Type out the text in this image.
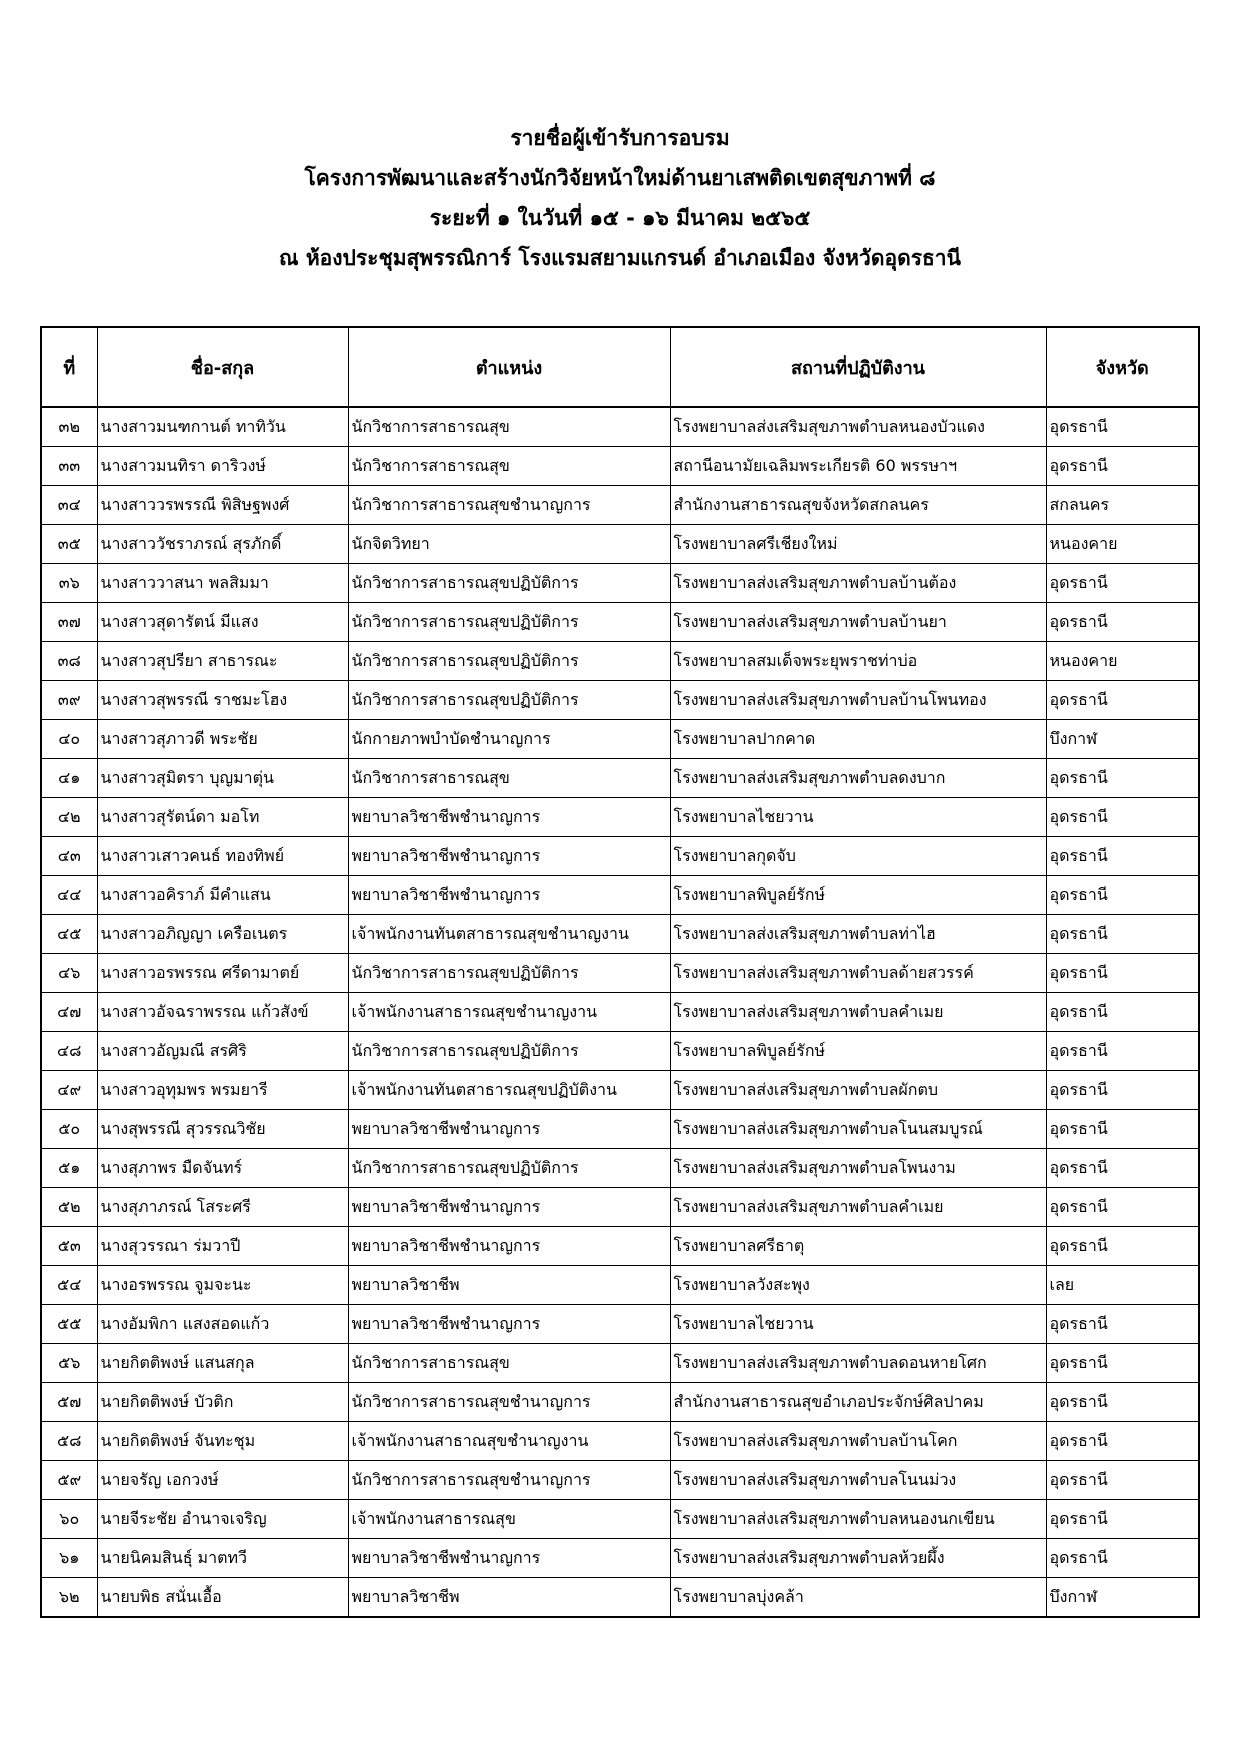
รายชื่อผู้เข้ารับการอบรม
โครงการพัฒนาและสร้างนักวิจัยหน้าใหม่ด้านยาเสพติดเขตสุขภาพที่ ๘
ระยะที่ ๑ ในวันที่ ๑๕ - ๑๖ มีนาคม ๒๕๖๕
ณ ห้องประชุมสุพรรณิการ์ โรงแรมสยามแกรนด์ อำเภอเมือง จังหวัดอุดรธานี
ที่	ชื่อ-สกุล	ตำแหน่ง	สถานที่ปฏิบัติงาน	จังหวัด
๓๒	นางสาวมนฑกานต์ ทาทิวัน	นักวิชาการสาธารณสุข	โรงพยาบาลส่งเสริมสุขภาพตำบลหนองบัวแดง	อุดรธานี
๓๓	นางสาวมนทิรา ดาริวงษ์	นักวิชาการสาธารณสุข	สถานีอนามัยเฉลิมพระเกียรติ 60 พรรษาฯ	อุดรธานี
๓๔	นางสาววรพรรณี พิสิษฐพงศ์	นักวิชาการสาธารณสุขชำนาญการ	สำนักงานสาธารณสุขจังหวัดสกลนคร	สกลนคร
๓๕	นางสาววัชราภรณ์ สุรภักดิ์	นักจิตวิทยา	โรงพยาบาลศรีเชียงใหม่	หนองคาย
๓๖	นางสาววาสนา พลสิมมา	นักวิชาการสาธารณสุขปฏิบัติการ	โรงพยาบาลส่งเสริมสุขภาพตำบลบ้านต้อง	อุดรธานี
๓๗	นางสาวสุดารัตน์ มีแสง	นักวิชาการสาธารณสุขปฏิบัติการ	โรงพยาบาลส่งเสริมสุขภาพตำบลบ้านยา	อุดรธานี
๓๘	นางสาวสุปรียา สาธารณะ	นักวิชาการสาธารณสุขปฏิบัติการ	โรงพยาบาลสมเด็จพระยุพราชท่าบ่อ	หนองคาย
๓๙	นางสาวสุพรรณี ราชมะโฮง	นักวิชาการสาธารณสุขปฏิบัติการ	โรงพยาบาลส่งเสริมสุขภาพตำบลบ้านโพนทอง	อุดรธานี
๔๐	นางสาวสุภาวดี พระชัย	นักกายภาพบำบัดชำนาญการ	โรงพยาบาลปากคาด	บึงกาฬ
๔๑	นางสาวสุมิตรา บุญมาตุ่น	นักวิชาการสาธารณสุข	โรงพยาบาลส่งเสริมสุขภาพตำบลดงบาก	อุดรธานี
๔๒	นางสาวสุรัตน์ดา มอโท	พยาบาลวิชาชีพชำนาญการ	โรงพยาบาลไชยวาน	อุดรธานี
๔๓	นางสาวเสาวคนธ์ ทองทิพย์	พยาบาลวิชาชีพชำนาญการ	โรงพยาบาลกุดจับ	อุดรธานี
๔๔	นางสาวอคิราภ์ มีคำแสน	พยาบาลวิชาชีพชำนาญการ	โรงพยาบาลพิบูลย์รักษ์	อุดรธานี
๔๕	นางสาวอภิญญา เครือเนตร	เจ้าพนักงานทันตสาธารณสุขชำนาญงาน	โรงพยาบาลส่งเสริมสุขภาพตำบลท่าไฮ	อุดรธานี
๔๖	นางสาวอรพรรณ ศรีดามาตย์	นักวิชาการสาธารณสุขปฏิบัติการ	โรงพยาบาลส่งเสริมสุขภาพตำบลด้ายสวรรค์	อุดรธานี
๔๗	นางสาวอัจฉราพรรณ แก้วสังข์	เจ้าพนักงานสาธารณสุขชำนาญงาน	โรงพยาบาลส่งเสริมสุขภาพตำบลคำเมย	อุดรธานี
๔๘	นางสาวอัญมณี สรศิริ	นักวิชาการสาธารณสุขปฏิบัติการ	โรงพยาบาลพิบูลย์รักษ์	อุดรธานี
๔๙	นางสาวอุทุมพร พรมยารี	เจ้าพนักงานทันตสาธารณสุขปฏิบัติงาน	โรงพยาบาลส่งเสริมสุขภาพตำบลผักตบ	อุดรธานี
๕๐	นางสุพรรณี สุวรรณวิชัย	พยาบาลวิชาชีพชำนาญการ	โรงพยาบาลส่งเสริมสุขภาพตำบลโนนสมบูรณ์	อุดรธานี
๕๑	นางสุภาพร มืดจันทร์	นักวิชาการสาธารณสุขปฏิบัติการ	โรงพยาบาลส่งเสริมสุขภาพตำบลโพนงาม	อุดรธานี
๕๒	นางสุภาภรณ์ โสระศรี	พยาบาลวิชาชีพชำนาญการ	โรงพยาบาลส่งเสริมสุขภาพตำบลคำเมย	อุดรธานี
๕๓	นางสุวรรณา ร่มวาปี	พยาบาลวิชาชีพชำนาญการ	โรงพยาบาลศรีธาตุ	อุดรธานี
๕๔	นางอรพรรณ จูมจะนะ	พยาบาลวิชาชีพ	โรงพยาบาลวังสะพุง	เลย
๕๕	นางอัมพิกา แสงสอดแก้ว	พยาบาลวิชาชีพชำนาญการ	โรงพยาบาลไชยวาน	อุดรธานี
๕๖	นายกิตติพงษ์ แสนสกุล	นักวิชาการสาธารณสุข	โรงพยาบาลส่งเสริมสุขภาพตำบลดอนหายโศก	อุดรธานี
๕๗	นายกิตติพงษ์ บัวติก	นักวิชาการสาธารณสุขชำนาญการ	สำนักงานสาธารณสุขอำเภอประจักษ์ศิลปาคม	อุดรธานี
๕๘	นายกิตติพงษ์ จันทะชุม	เจ้าพนักงานสาธาณสุขชำนาญงาน	โรงพยาบาลส่งเสริมสุขภาพตำบลบ้านโคก	อุดรธานี
๕๙	นายจรัญ เอกวงษ์	นักวิชาการสาธารณสุขชำนาญการ	โรงพยาบาลส่งเสริมสุขภาพตำบลโนนม่วง	อุดรธานี
๖๐	นายจีระชัย อำนาจเจริญ	เจ้าพนักงานสาธารณสุข	โรงพยาบาลส่งเสริมสุขภาพตำบลหนองนกเขียน	อุดรธานี
๖๑	นายนิคมสินธุ์ มาตทวี	พยาบาลวิชาชีพชำนาญการ	โรงพยาบาลส่งเสริมสุขภาพตำบลห้วยผึ้ง	อุดรธานี
๖๒	นายบพิธ สนั่นเอื้อ	พยาบาลวิชาชีพ	โรงพยาบาลบุ่งคล้า	บึงกาฬ
